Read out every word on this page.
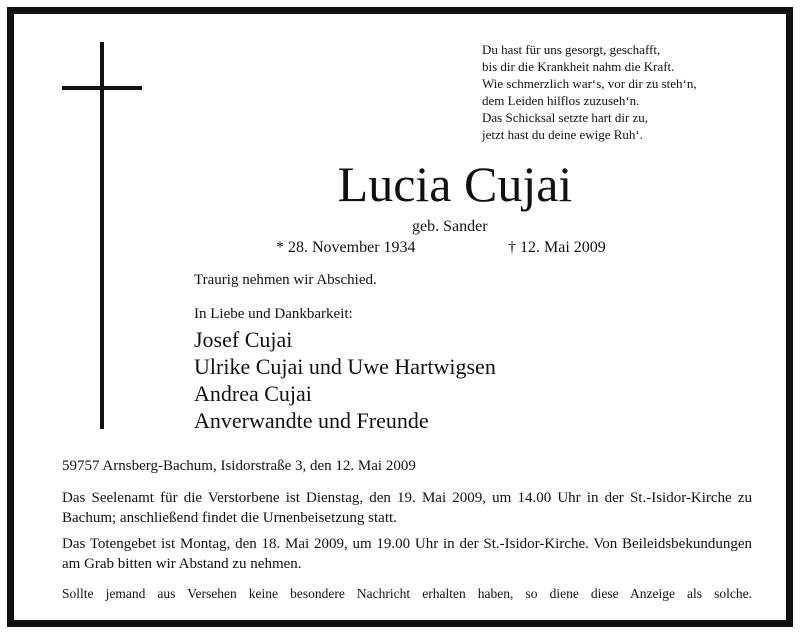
Du hast für uns gesorgt, geschafft,
bis dir die Krankheit nahm die Kraft.
Wie schmerzlich war‘s, vor dir zu steh‘n,
dem Leiden hilflos zuzuseh‘n.
Das Schicksal setzte hart dir zu,
jetzt hast du deine ewige Ruh‘.
Lucia Cujai
geb. Sander
* 28. November 1934	† 12. Mai 2009
Traurig nehmen wir Abschied.
In Liebe und Dankbarkeit:
Josef Cujai
Ulrike Cujai und Uwe Hartwigsen
Andrea Cujai
Anverwandte und Freunde
59757 Arnsberg-Bachum, Isidorstraße 3, den 12. Mai 2009
Das Seelenamt für die Verstorbene ist Dienstag, den 19. Mai 2009, um 14.00 Uhr in der St.-Isidor-Kirche zu Bachum; anschließend findet die Urnenbeisetzung statt.
Das Totengebet ist Montag, den 18. Mai 2009, um 19.00 Uhr in der St.-Isidor-Kirche. Von Beileidsbekundungen am Grab bitten wir Abstand zu nehmen.
Sollte jemand aus Versehen keine besondere Nachricht erhalten haben, so diene diese Anzeige als solche.
